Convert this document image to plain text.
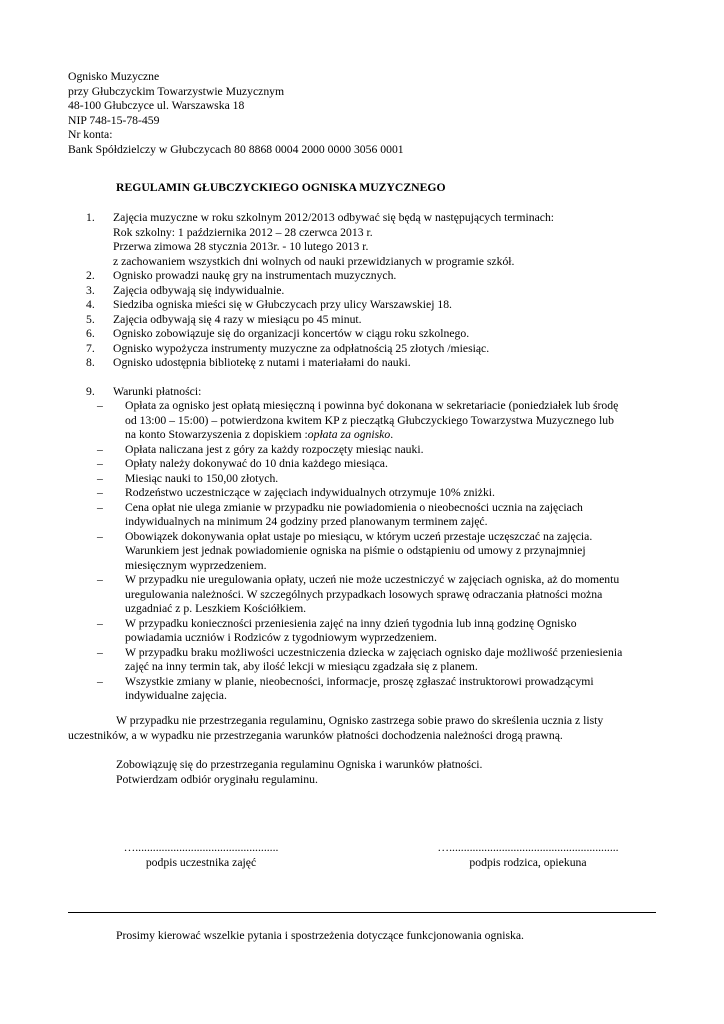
Ognisko Muzyczne
przy Głubczyckim Towarzystwie Muzycznym
48-100 Głubczyce ul. Warszawska 18
NIP 748-15-78-459
Nr konta:
Bank Spółdzielczy w Głubczycach 80 8868 0004 2000 0000 3056 0001
REGULAMIN GŁUBCZYCKIEGO OGNISKA MUZYCZNEGO
1. Zajęcia muzyczne w roku szkolnym 2012/2013 odbywać się będą w następujących terminach:
Rok szkolny: 1 października 2012 – 28 czerwca 2013 r.
Przerwa zimowa 28 stycznia 2013r. - 10 lutego 2013 r.
z zachowaniem wszystkich dni wolnych od nauki przewidzianych w programie szkół.
2. Ognisko prowadzi naukę gry na instrumentach muzycznych.
3. Zajęcia odbywają się indywidualnie.
4. Siedziba ogniska mieści się w Głubczycach przy ulicy Warszawskiej 18.
5. Zajęcia odbywają się 4 razy w miesiącu po 45 minut.
6. Ognisko zobowiązuje się do organizacji koncertów w ciągu roku szkolnego.
7. Ognisko wypożycza instrumenty muzyczne za odpłatnością 25 złotych /miesiąc.
8. Ognisko udostępnia bibliotekę z nutami i materiałami do nauki.
9. Warunki płatności:
– Opłata za ognisko jest opłatą miesięczną i powinna być dokonana w sekretariacie (poniedziałek lub środę
od 13:00 – 15:00) – potwierdzona kwitem KP z pieczątką Głubczyckiego Towarzystwa Muzycznego lub
na konto Stowarzyszenia z dopiskiem :opłata za ognisko.
– Opłata naliczana jest z góry za każdy rozpoczęty miesiąc nauki.
– Opłaty należy dokonywać do 10 dnia każdego miesiąca.
– Miesiąc nauki to 150,00 złotych.
– Rodzeństwo uczestniczące w zajęciach indywidualnych otrzymuje 10% zniżki.
– Cena opłat nie ulega zmianie w przypadku nie powiadomienia o nieobecności ucznia na zajęciach
indywidualnych na minimum 24 godziny przed planowanym terminem zajęć.
– Obowiązek dokonywania opłat ustaje po miesiącu, w którym uczeń przestaje uczęszczać na zajęcia.
Warunkiem jest jednak powiadomienie ogniska na piśmie o odstąpieniu od umowy z przynajmniej
miesięcznym wyprzedzeniem.
– W przypadku nie uregulowania opłaty, uczeń nie może uczestniczyć w zajęciach ogniska, aż do momentu
uregulowania należności. W szczególnych przypadkach losowych sprawę odraczania płatności można
uzgadniać z p. Leszkiem Kościółkiem.
– W przypadku konieczności przeniesienia zajęć na inny dzień tygodnia lub inną godzinę Ognisko
powiadamia uczniów i Rodziców z tygodniowym wyprzedzeniem.
– W przypadku braku możliwości uczestniczenia dziecka w zajęciach ognisko daje możliwość przeniesienia
zajęć na inny termin tak, aby ilość lekcji w miesiącu zgadzała się z planem.
– Wszystkie zmiany w planie, nieobecności, informacje, proszę zgłaszać instruktorowi prowadzącymi
indywidualne zajęcia.
W przypadku nie przestrzegania regulaminu, Ognisko zastrzega sobie prawo do skreślenia ucznia z listy
uczestników, a w wypadku nie przestrzegania warunków płatności dochodzenia należności drogą prawną.
Zobowiązuję się do przestrzegania regulaminu Ogniska i warunków płatności.
Potwierdzam odbiór oryginału regulaminu.
….................................................
podpis uczestnika zajęć
…..........................................................
podpis rodzica, opiekuna
Prosimy kierować wszelkie pytania i spostrzeżenia dotyczące funkcjonowania ogniska.
